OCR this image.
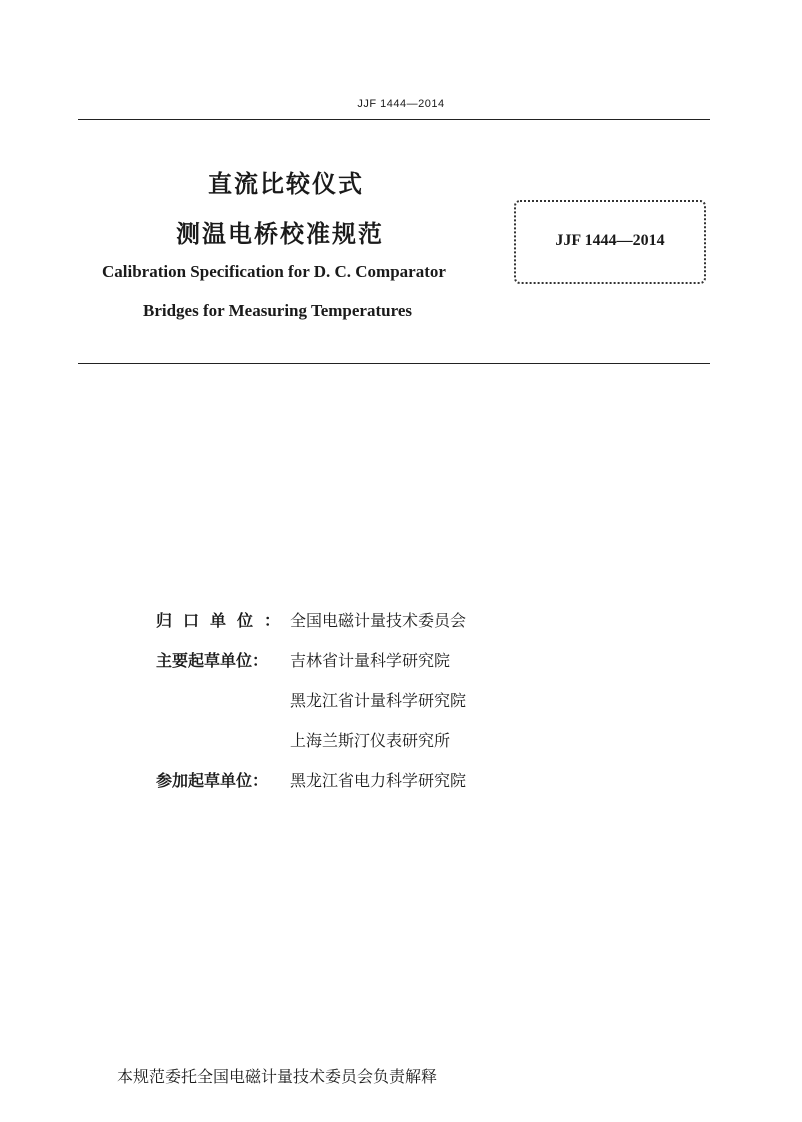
JJF 1444—2014
直流比较仪式
测温电桥校准规范
Calibration Specification for D. C. Comparator
Bridges for Measuring Temperatures
JJF 1444—2014
归口单位：
全国电磁计量技术委员会
主要起草单位：	吉林省计量科学研究院
黑龙江省计量科学研究院
上海兰斯汀仪表研究所
参加起草单位：	黑龙江省电力科学研究院
本规范委托全国电磁计量技术委员会负责解释
